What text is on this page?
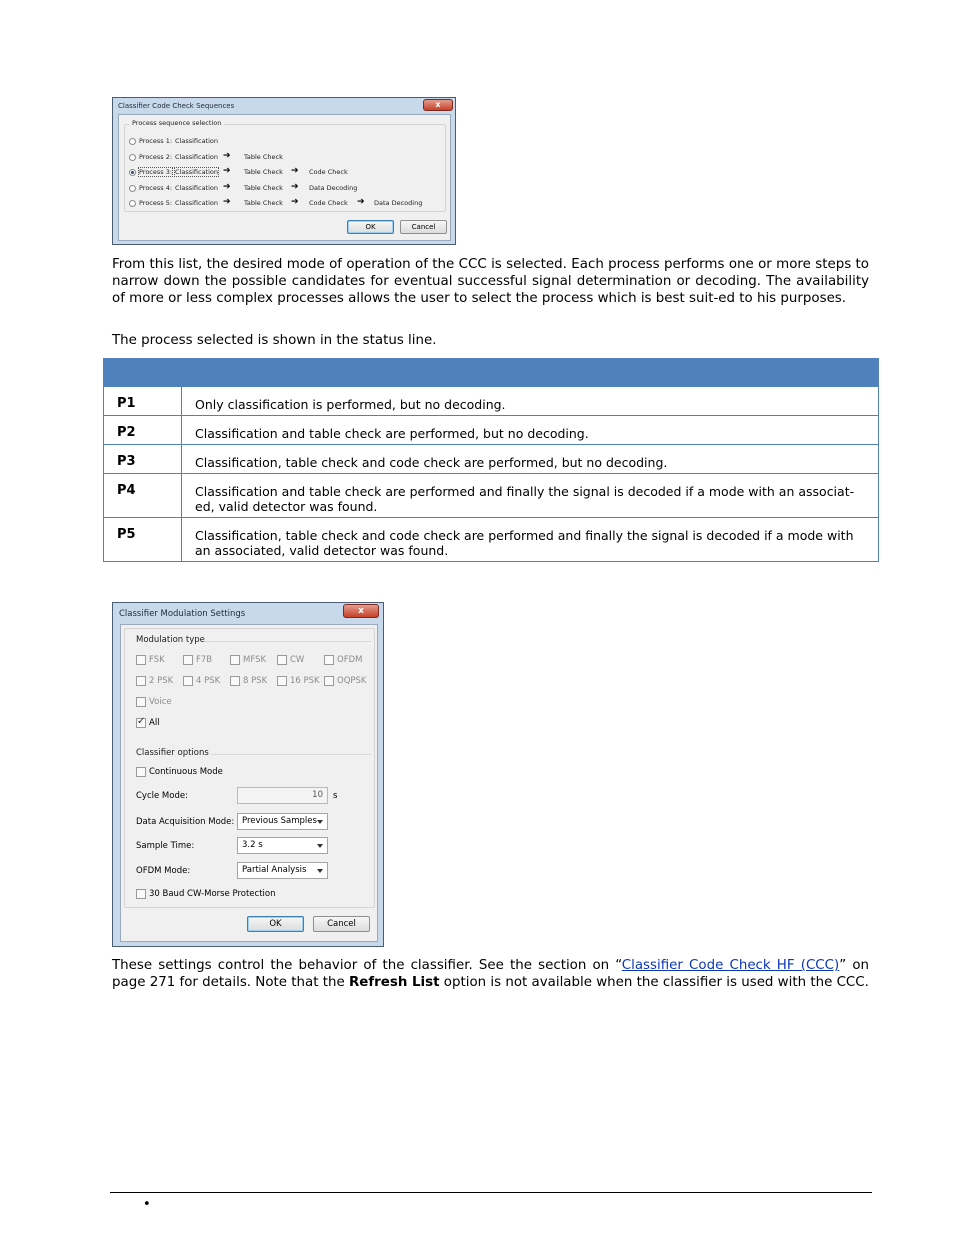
Classifier Code Check Sequences	x
Process sequence selection
Process 1: Classification
Process 2: Classification ➔ Table Check
Process 3: Classification ➔ Table Check ➔ Code Check
Process 4: Classification ➔ Table Check ➔ Data Decoding
Process 5: Classification ➔ Table Check ➔ Code Check ➔ Data Decoding
OK	Cancel
From this list, the desired mode of operation of the CCC is selected. Each process performs one or more steps to narrow down the possible candidates for eventual successful signal determination or decoding. The availability of more or less complex processes allows the user to select the process which is best suit-ed to his purposes.
The process selected is shown in the status line.

P1	Only classification is performed, but no decoding.
P2	Classification and table check are performed, but no decoding.
P3	Classification, table check and code check are performed, but no decoding.
P4	Classification and table check are performed and finally the signal is decoded if a mode with an associat-ed, valid detector was found.
P5	Classification, table check and code check are performed and finally the signal is decoded if a mode with an associated, valid detector was found.
Classifier Modulation Settings	x
Modulation type
FSK	F7B	MFSK	CW	OFDM
2 PSK	4 PSK	8 PSK	16 PSK OQPSK
Voice
✓
All
Classifier options
Continuous Mode
Cycle Mode:	10 s
Data Acquisition Mode: Previous Samples
Sample Time:	3.2 s
OFDM Mode:	Partial Analysis
30 Baud CW-Morse Protection
OK	Cancel
These settings control the behavior of the classifier. See the section on “Classifier Code Check HF (CCC)” on page 271 for details. Note that the Refresh List option is not available when the classifier is used with the CCC.
•
